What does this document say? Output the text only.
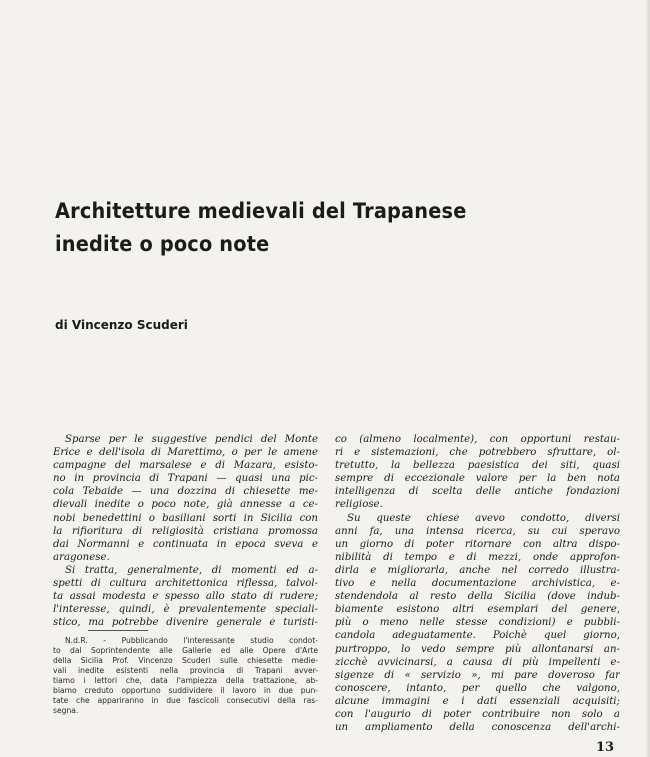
Architetture medievali del Trapanese
inedite o poco note
di Vincenzo Scuderi
Sparse per le suggestive pendici del Monte
Erice e dell'isola di Marettimo, o per le amene
campagne del marsalese e di Mazara, esisto-
no in provincia di Trapani — quasi una pic-
cola Tebaide — una dozzina di chiesette me-
dievali inedite o poco note, già annesse a ce-
nobi benedettini o basiliani sorti in Sicilia con
la rifioritura di religiosità cristiana promossa
dai Normanni e continuata in epoca sveva e
aragonese.
Si tratta, generalmente, di momenti ed a-
spetti di cultura architettonica riflessa, talvol-
ta assai modesta e spesso allo stato di rudere;
l'interesse, quindi, è prevalentemente speciali-
stico, ma potrebbe divenire generale e turisti-
N.d.R. - Pubblicando l'interessante studio condot-
to dal Soprintendente alle Gallerie ed alle Opere d'Arte
della Sicilia Prof. Vincenzo Scuderi sulle chiesette medie-
vali inedite esistenti nella provincia di Trapani avver-
tiamo i lettori che, data l'ampiezza della trattazione, ab-
biamo creduto opportuno suddividere il lavoro in due pun-
tate che appariranno in due fascicoli consecutivi della ras-
segna.
co (almeno localmente), con opportuni restau-
ri e sistemazioni, che potrebbero sfruttare, ol-
tretutto, la bellezza paesistica dei siti, quasi
sempre di eccezionale valore per la ben nota
intelligenza di scelta delle antiche fondazioni
religiose.
Su queste chiese avevo condotto, diversi
anni fa, una intensa ricerca, su cui speravo
un giorno di poter ritornare con altra dispo-
nibilità di tempo e di mezzi, onde approfon-
dirla e migliorarla, anche nel corredo illustra-
tivo e nella documentazione archivistica, e-
stendendola al resto della Sicilia (dove indub-
biamente esistono altri esemplari del genere,
più o meno nelle stesse condizioni) e pubbli-
candola adeguatamente. Poichè quel giorno,
purtroppo, lo vedo sempre più allontanarsi an-
zicchè avvicinarsi, a causa di più impellenti e-
sigenze di « servizio », mi pare doveroso far
conoscere, intanto, per quello che valgono,
alcune immagini e i dati essenziali acquisiti;
con l'augurio di poter contribuire non solo a
un ampliamento della conoscenza dell'archi-
13
